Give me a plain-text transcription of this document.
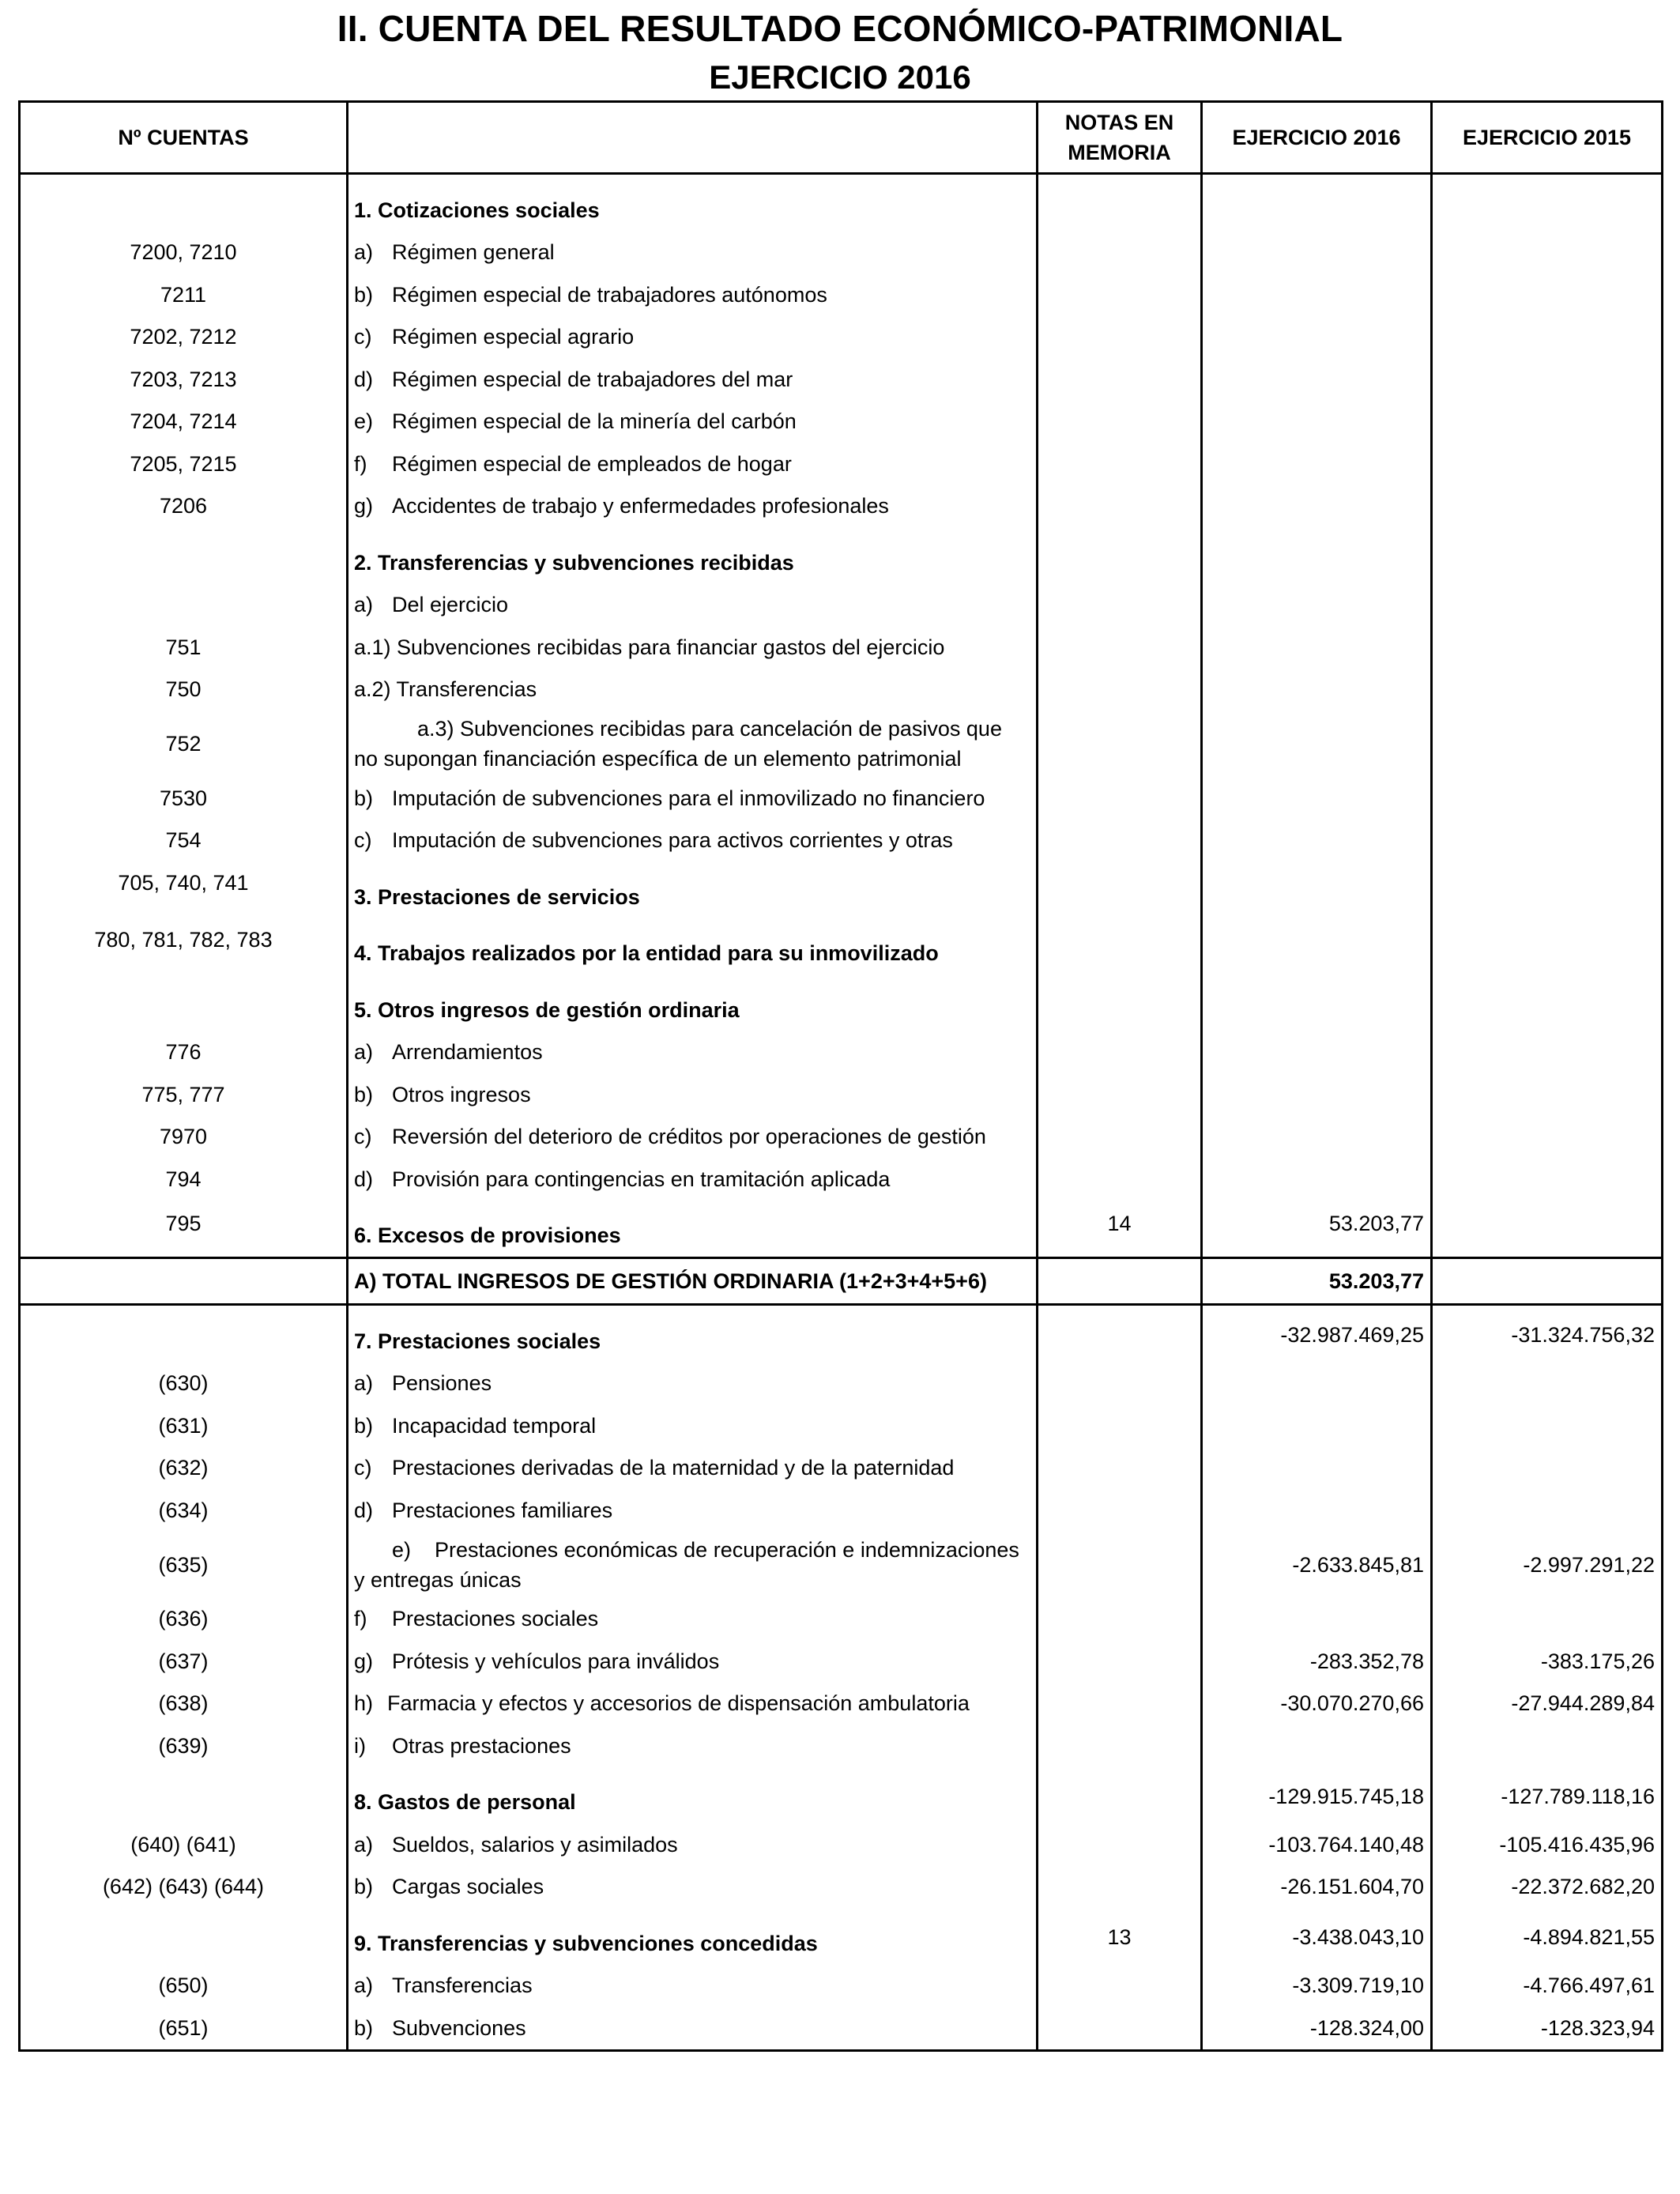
II. CUENTA DEL RESULTADO ECONÓMICO-PATRIMONIAL
EJERCICIO 2016
Nº CUENTAS		NOTAS EN MEMORIA	EJERCICIO 2016	EJERCICIO 2015
	1. Cotizaciones sociales			
7200, 7210	a) Régimen general			
7211	b) Régimen especial de trabajadores autónomos			
7202, 7212	c) Régimen especial agrario			
7203, 7213	d) Régimen especial de trabajadores del mar			
7204, 7214	e) Régimen especial de la minería del carbón			
7205, 7215	f) Régimen especial de empleados de hogar			
7206	g) Accidentes de trabajo y enfermedades profesionales			
	2. Transferencias y subvenciones recibidas			
	a) Del ejercicio			
751	a.1) Subvenciones recibidas para financiar gastos del ejercicio			
750	a.2) Transferencias			
752	a.3) Subvenciones recibidas para cancelación de pasivos que
no supongan financiación específica de un elemento patrimonial			

7530	b) Imputación de subvenciones para el inmovilizado no financiero			
754	c) Imputación de subvenciones para activos corrientes y otras			
705, 740, 741	3. Prestaciones de servicios			
780, 781, 782, 783	4. Trabajos realizados por la entidad para su inmovilizado			
	5. Otros ingresos de gestión ordinaria			
776	a) Arrendamientos			
775, 777	b) Otros ingresos			
7970	c) Reversión del deterioro de créditos por operaciones de gestión			
794	d) Provisión para contingencias en tramitación aplicada			
795	6. Excesos de provisiones	14	53.203,77	
	A) TOTAL INGRESOS DE GESTIÓN ORDINARIA (1+2+3+4+5+6)		53.203,77	
	7. Prestaciones sociales		-32.987.469,25	-31.324.756,32
(630)	a) Pensiones			
(631)	b) Incapacidad temporal			
(632)	c) Prestaciones derivadas de la maternidad y de la paternidad			
(634)	d) Prestaciones familiares			
(635)	e)    Prestaciones económicas de recuperación e indemnizaciones
y entregas únicas		-2.633.845,81	-2.997.291,22
(636)	f) Prestaciones sociales			
(637)	g) Prótesis y vehículos para inválidos		-283.352,78	-383.175,26
(638)	h) Farmacia y efectos y accesorios de dispensación ambulatoria		-30.070.270,66	-27.944.289,84
(639)	i) Otras prestaciones			
	8. Gastos de personal		-129.915.745,18	-127.789.118,16
(640) (641)	a) Sueldos, salarios y asimilados		-103.764.140,48	-105.416.435,96
(642) (643) (644)	b) Cargas sociales		-26.151.604,70	-22.372.682,20
	9. Transferencias y subvenciones concedidas	13	-3.438.043,10	-4.894.821,55
(650)	a) Transferencias		-3.309.719,10	-4.766.497,61
(651)	b) Subvenciones		-128.324,00	-128.323,94
